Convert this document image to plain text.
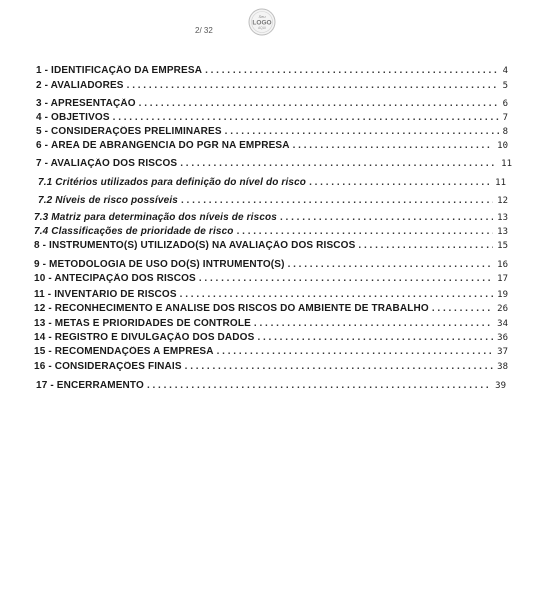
2/ 32
Seu
LOGO
AQUI
1 - IDENTIFICAÇÃO DA EMPRESA . . .	4
2 - AVALIADORES . . .	5
3 - APRESENTAÇÃO . . .	6
4 - OBJETIVOS . . .	7
5 - CONSIDERAÇÕES PRELIMINARES . . .	8
6 - ÁREA DE ABRANGÊNCIA DO PGR NA EMPRESA . . .	10
7 - AVALIAÇÃO DOS RISCOS . . .	11
7.1 Critérios utilizados para definição do nível do risco . . .	11
7.2 Níveis de risco possíveis . . .	12
7.3 Matriz para determinação dos níveis de riscos . . .	13
7.4 Classificações de prioridade de risco . . .	13
8 - INSTRUMENTO(S) UTILIZADO(S) NA AVALIAÇÃO DOS RISCOS . . .	15
9 - METODOLOGIA DE USO DO(S) INTRUMENTO(S) . . .	16
10 - ANTECIPAÇÃO DOS RISCOS . . .	17
11 - INVENTÁRIO DE RISCOS . . .	19
12 - RECONHECIMENTO E ANÁLISE DOS RISCOS DO AMBIENTE DE TRABALHO . . .	26
13 - METAS E PRIORIDADES DE CONTROLE . . .	34
14 - REGISTRO E DIVULGAÇÃO DOS DADOS . . .	36
15 - RECOMENDAÇÕES A EMPRESA . . .	37
16 - CONSIDERAÇÕES FINAIS . . .	38
17 - ENCERRAMENTO . . .	39
